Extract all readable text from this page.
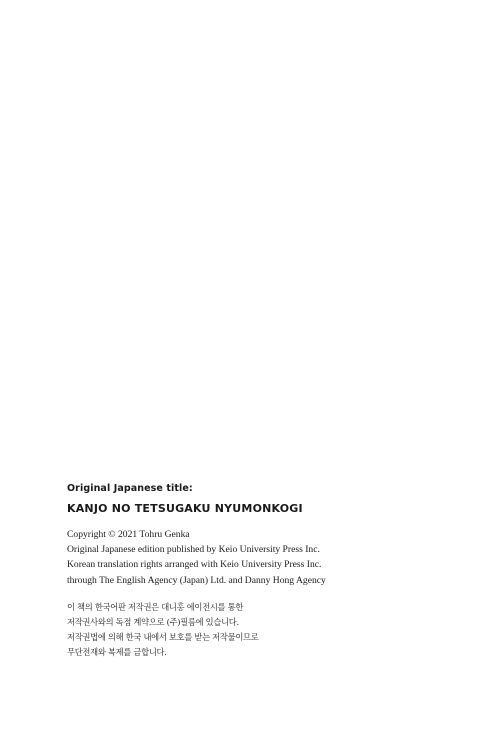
Original Japanese title:

KANJO NO TETSUGAKU NYUMONKOGI

Copyright © 2021 Tohru Genka
Original Japanese edition published by Keio University Press Inc.
Korean translation rights arranged with Keio University Press Inc.
through The English Agency (Japan) Ltd. and Danny Hong Agency
이 책의 한국어판 저작권은 대니홍 에이전시를 통한
저작권사와의 독점 계약으로 (주)필름에 있습니다.
저작권법에 의해 한국 내에서 보호를 받는 저작물이므로
무단전재와 복제를 금합니다.
